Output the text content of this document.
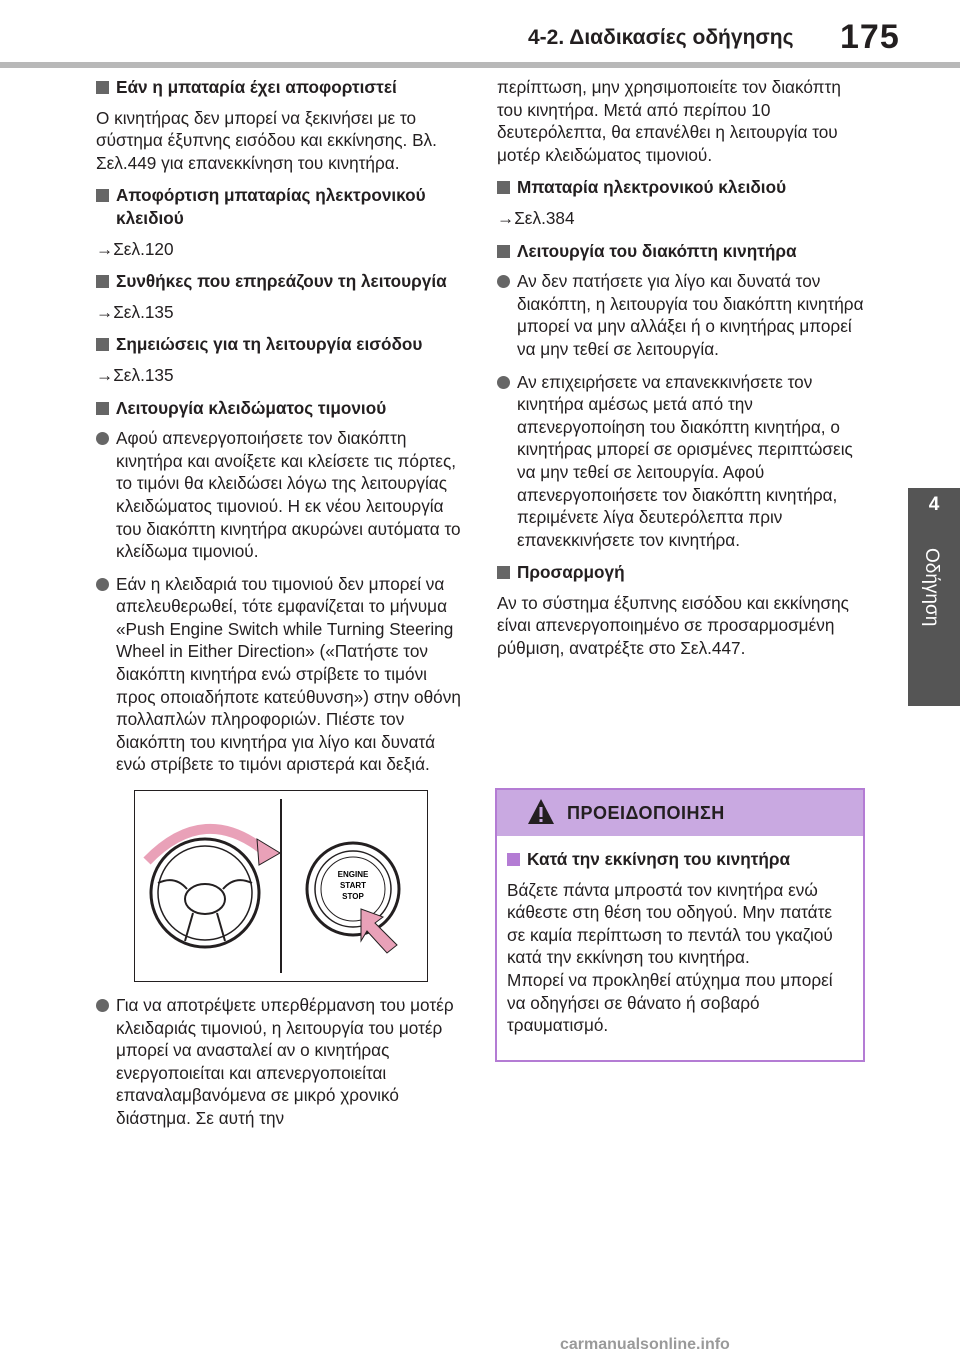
4-2. Διαδικασίες οδήγησης 175
4
Οδήγηση
Εάν η μπαταρία έχει αποφορτιστεί
Ο κινητήρας δεν μπορεί να ξεκινήσει με το σύστημα έξυπνης εισόδου και εκκίνησης. Βλ. Σελ.449 για επανεκκίνηση του κινητήρα.
Αποφόρτιση μπαταρίας ηλεκτρονικού κλειδιού
→Σελ.120
Συνθήκες που επηρεάζουν τη λειτουργία
→Σελ.135
Σημειώσεις για τη λειτουργία εισόδου
→Σελ.135
Λειτουργία κλειδώματος τιμονιού
Αφού απενεργοποιήσετε τον διακόπτη κινητήρα και ανοίξετε και κλείσετε τις πόρτες, το τιμόνι θα κλειδώσει λόγω της λειτουργίας κλειδώματος τιμονιού. Η εκ νέου λειτουργία του διακόπτη κινητήρα ακυρώνει αυτόματα το κλείδωμα τιμονιού.
Εάν η κλειδαριά του τιμονιού δεν μπορεί να απελευθερωθεί, τότε εμφανίζεται το μήνυμα «Push Engine Switch while Turning Steering Wheel in Either Direction» («Πατήστε τον διακόπτη κινητήρα ενώ στρίβετε το τιμόνι προς οποιαδήποτε κατεύθυνση») στην οθόνη πολλαπλών πληροφοριών. Πιέστε τον διακόπτη του κινητήρα για λίγο και δυνατά ενώ στρίβετε το τιμόνι αριστερά και δεξιά.
ENGINE
START
STOP
Για να αποτρέψετε υπερθέρμανση του μοτέρ κλειδαριάς τιμονιού, η λειτουργία του μοτέρ μπορεί να ανασταλεί αν ο κινητήρας ενεργοποιείται και απενεργοποιείται επαναλαμβανόμενα σε μικρό χρονικό διάστημα. Σε αυτή την
περίπτωση, μην χρησιμοποιείτε τον διακόπτη του κινητήρα. Μετά από περίπου 10 δευτερόλεπτα, θα επανέλθει η λειτουργία του μοτέρ κλειδώματος τιμονιού.
Μπαταρία ηλεκτρονικού κλειδιού
→Σελ.384
Λειτουργία του διακόπτη κινητήρα
Αν δεν πατήσετε για λίγο και δυνατά τον διακόπτη, η λειτουργία του διακόπτη κινητήρα μπορεί να μην αλλάξει ή ο κινητήρας μπορεί να μην τεθεί σε λειτουργία.
Αν επιχειρήσετε να επανεκκινήσετε τον κινητήρα αμέσως μετά από την απενεργοποίηση του διακόπτη κινητήρα, ο κινητήρας μπορεί σε ορισμένες περιπτώσεις να μην τεθεί σε λειτουργία. Αφού απενεργοποιήσετε τον διακόπτη κινητήρα, περιμένετε λίγα δευτερόλεπτα πριν επανεκκινήσετε τον κινητήρα.
Προσαρμογή
Αν το σύστημα έξυπνης εισόδου και εκκίνησης είναι απενεργοποιημένο σε προσαρμοσμένη ρύθμιση, ανατρέξτε στο Σελ.447.
ΠΡΟΕΙΔΟΠΟΙΗΣΗ
Κατά την εκκίνηση του κινητήρα
Βάζετε πάντα μπροστά τον κινητήρα ενώ κάθεστε στη θέση του οδηγού. Μην πατάτε σε καμία περίπτωση το πεντάλ του γκαζιού κατά την εκκίνηση του κινητήρα.
Μπορεί να προκληθεί ατύχημα που μπορεί να οδηγήσει σε θάνατο ή σοβαρό τραυματισμό.
carmanualsonline.info
